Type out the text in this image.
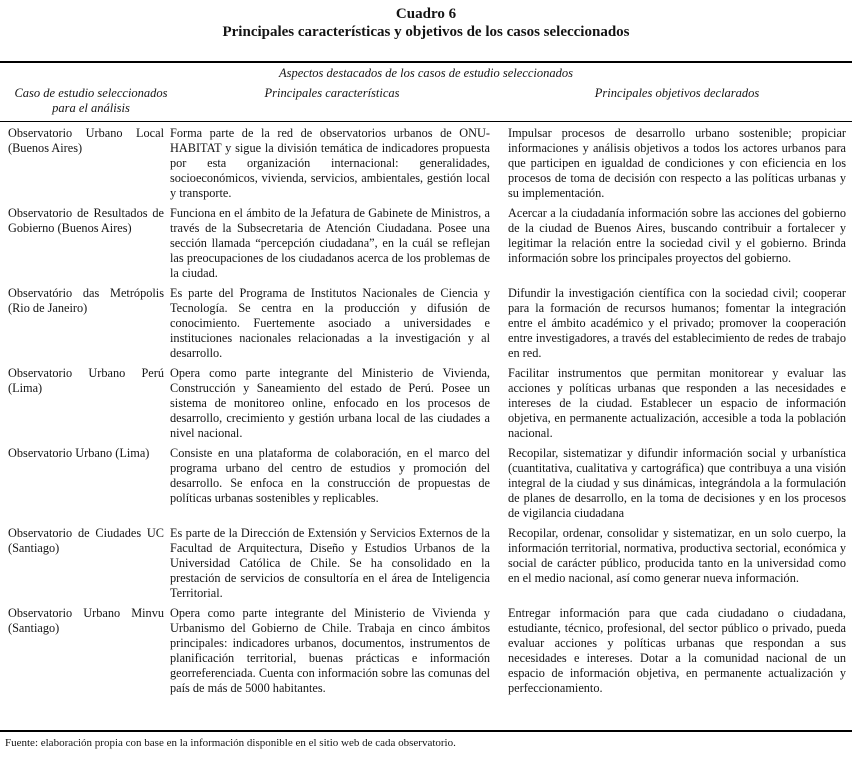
Cuadro 6
Principales características y objetivos de los casos seleccionados
Aspectos destacados de los casos de estudio seleccionados
Caso de estudio seleccionados para el análisis
Principales características	Principales objetivos declarados
Observatorio Urbano Local (Buenos Aires)
Forma parte de la red de observatorios urbanos de ONU-HABITAT y sigue la división temática de indicadores propuesta por esta organización internacional: generalidades, socioeconómicos, vivienda, servicios, ambientales, gestión local y transporte.
Impulsar procesos de desarrollo urbano sostenible; propiciar informaciones y análisis objetivos a todos los actores urbanos para que participen en igualdad de condiciones y con eficiencia en los procesos de toma de decisión con respecto a las políticas urbanas y su implementación.
Observatorio de Resultados de Gobierno (Buenos Aires)
Funciona en el ámbito de la Jefatura de Gabinete de Ministros, a través de la Subsecretaria de Atención Ciudadana. Posee una sección llamada “percepción ciudadana”, en la cuál se reflejan las preocupaciones de los ciudadanos acerca de los problemas de la ciudad.
Acercar a la ciudadanía información sobre las acciones del gobierno de la ciudad de Buenos Aires, buscando contribuir a fortalecer y legitimar la relación entre la sociedad civil y el gobierno. Brinda información sobre los principales proyectos del gobierno.
Observatório das Metrópolis (Rio de Janeiro)
Es parte del Programa de Institutos Nacionales de Ciencia y Tecnología. Se centra en la producción y difusión de conocimiento. Fuertemente asociado a universidades e instituciones nacionales relacionadas a la investigación y al desarrollo.
Difundir la investigación científica con la sociedad civil; cooperar para la formación de recursos humanos; fomentar la integración entre el ámbito académico y el privado; promover la cooperación entre investigadores, a través del establecimiento de redes de trabajo en red.
Observatorio Urbano Perú (Lima)
Opera como parte integrante del Ministerio de Vivienda, Construcción y Saneamiento del estado de Perú. Posee un sistema de monitoreo online, enfocado en los procesos de desarrollo, crecimiento y gestión urbana local de las ciudades a nivel nacional.
Facilitar instrumentos que permitan monitorear y evaluar las acciones y políticas urbanas que responden a las necesidades e intereses de la ciudad. Establecer un espacio de información objetiva, en permanente actualización, accesible a toda la población nacional.
Observatorio Urbano (Lima)	Consiste en una plataforma de colaboración, en el marco del programa urbano del centro de estudios y promoción del desarrollo. Se enfoca en la construcción de propuestas de políticas urbanas sostenibles y replicables.
Recopilar, sistematizar y difundir información social y urbanística (cuantitativa, cualitativa y cartográfica) que contribuya a una visión integral de la ciudad y sus dinámicas, integrándola a la formulación de planes de desarrollo, en la toma de decisiones y en los procesos de vigilancia ciudadana
Observatorio de Ciudades UC (Santiago)
Es parte de la Dirección de Extensión y Servicios Externos de la Facultad de Arquitectura, Diseño y Estudios Urbanos de la Universidad Católica de Chile. Se ha consolidado en la prestación de servicios de consultoría en el área de Inteligencia Territorial.
Recopilar, ordenar, consolidar y sistematizar, en un solo cuerpo, la información territorial, normativa, productiva sectorial, económica y social de carácter público, producida tanto en la universidad como en el medio nacional, así como generar nueva información.
Observatorio Urbano Minvu (Santiago)
Opera como parte integrante del Ministerio de Vivienda y Urbanismo del Gobierno de Chile. Trabaja en cinco ámbitos principales: indicadores urbanos, documentos, instrumentos de planificación territorial, buenas prácticas e información georreferenciada. Cuenta con información sobre las comunas del país de más de 5000 habitantes.
Entregar información para que cada ciudadano o ciudadana, estudiante, técnico, profesional, del sector público o privado, pueda evaluar acciones y políticas urbanas que respondan a sus necesidades e intereses. Dotar a la comunidad nacional de un espacio de información objetiva, en permanente actualización y perfeccionamiento.
Fuente: elaboración propia con base en la información disponible en el sitio web de cada observatorio.
